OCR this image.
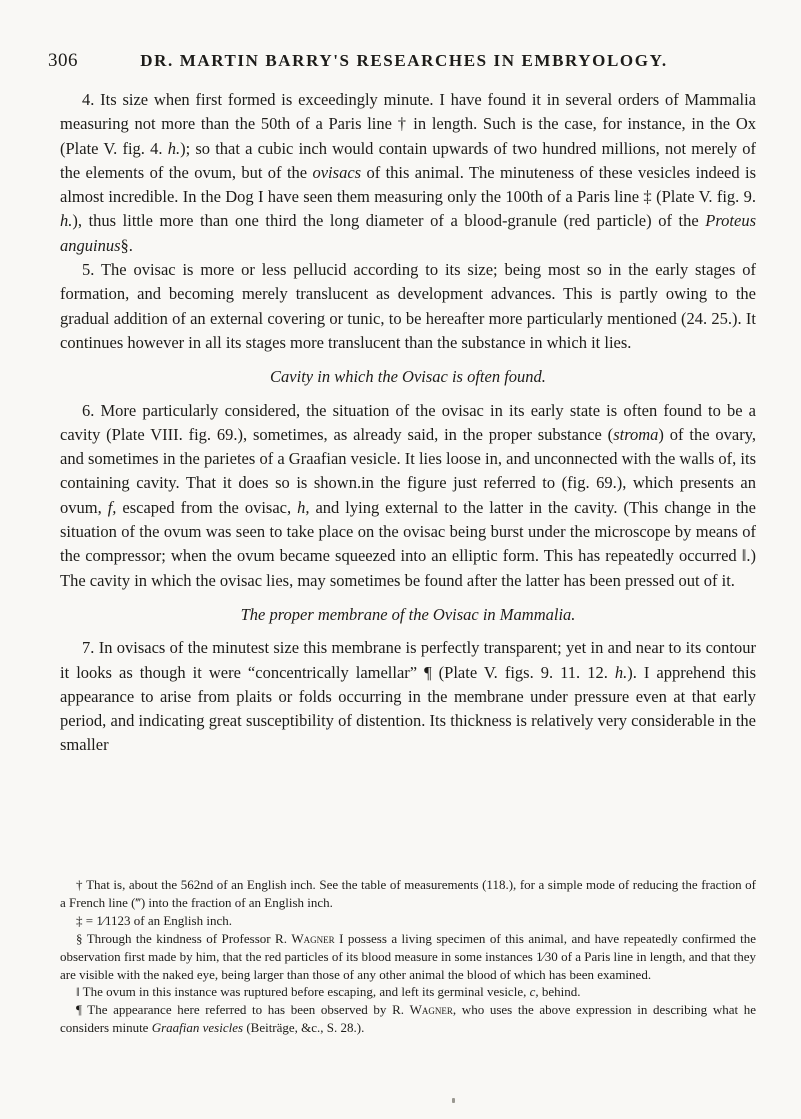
306	DR. MARTIN BARRY'S RESEARCHES IN EMBRYOLOGY.

4. Its size when first formed is exceedingly minute. I have found it in several orders of Mammalia measuring not more than the 50th of a Paris line † in length. Such is the case, for instance, in the Ox (Plate V. fig. 4. h.); so that a cubic inch would contain upwards of two hundred millions, not merely of the elements of the ovum, but of the ovisacs of this animal. The minuteness of these vesicles indeed is almost incredible. In the Dog I have seen them measuring only the 100th of a Paris line ‡ (Plate V. fig. 9. h.), thus little more than one third the long diameter of a blood-granule (red particle) of the Proteus anguinus§.

5. The ovisac is more or less pellucid according to its size; being most so in the early stages of formation, and becoming merely translucent as development advances. This is partly owing to the gradual addition of an external covering or tunic, to be hereafter more particularly mentioned (24. 25.). It continues however in all its stages more translucent than the substance in which it lies.

Cavity in which the Ovisac is often found.

6. More particularly considered, the situation of the ovisac in its early state is often found to be a cavity (Plate VIII. fig. 69.), sometimes, as already said, in the proper substance (stroma) of the ovary, and sometimes in the parietes of a Graafian vesicle. It lies loose in, and unconnected with the walls of, its containing cavity. That it does so is shown.in the figure just referred to (fig. 69.), which presents an ovum, f, escaped from the ovisac, h, and lying external to the latter in the cavity. (This change in the situation of the ovum was seen to take place on the ovisac being burst under the microscope by means of the compressor; when the ovum became squeezed into an elliptic form. This has repeatedly occurred ‖.) The cavity in which the ovisac lies, may sometimes be found after the latter has been pressed out of it.

The proper membrane of the Ovisac in Mammalia.

7. In ovisacs of the minutest size this membrane is perfectly transparent; yet in and near to its contour it looks as though it were “concentrically lamellar” ¶ (Plate V. figs. 9. 11. 12. h.). I apprehend this appearance to arise from plaits or folds occurring in the membrane under pressure even at that early period, and indicating great susceptibility of distention. Its thickness is relatively very considerable in the smaller

† That is, about the 562nd of an English inch. See the table of measurements (118.), for a simple mode of reducing the fraction of a French line (‴) into the fraction of an English inch.

‡ = 1⁄1123 of an English inch.

§ Through the kindness of Professor R. Wagner I possess a living specimen of this animal, and have repeatedly confirmed the observation first made by him, that the red particles of its blood measure in some instances 1⁄30 of a Paris line in length, and that they are visible with the naked eye, being larger than those of any other animal the blood of which has been examined.

‖ The ovum in this instance was ruptured before escaping, and left its germinal vesicle, c, behind.

¶ The appearance here referred to has been observed by R. Wagner, who uses the above expression in describing what he considers minute Graafian vesicles (Beiträge, &c., S. 28.).
